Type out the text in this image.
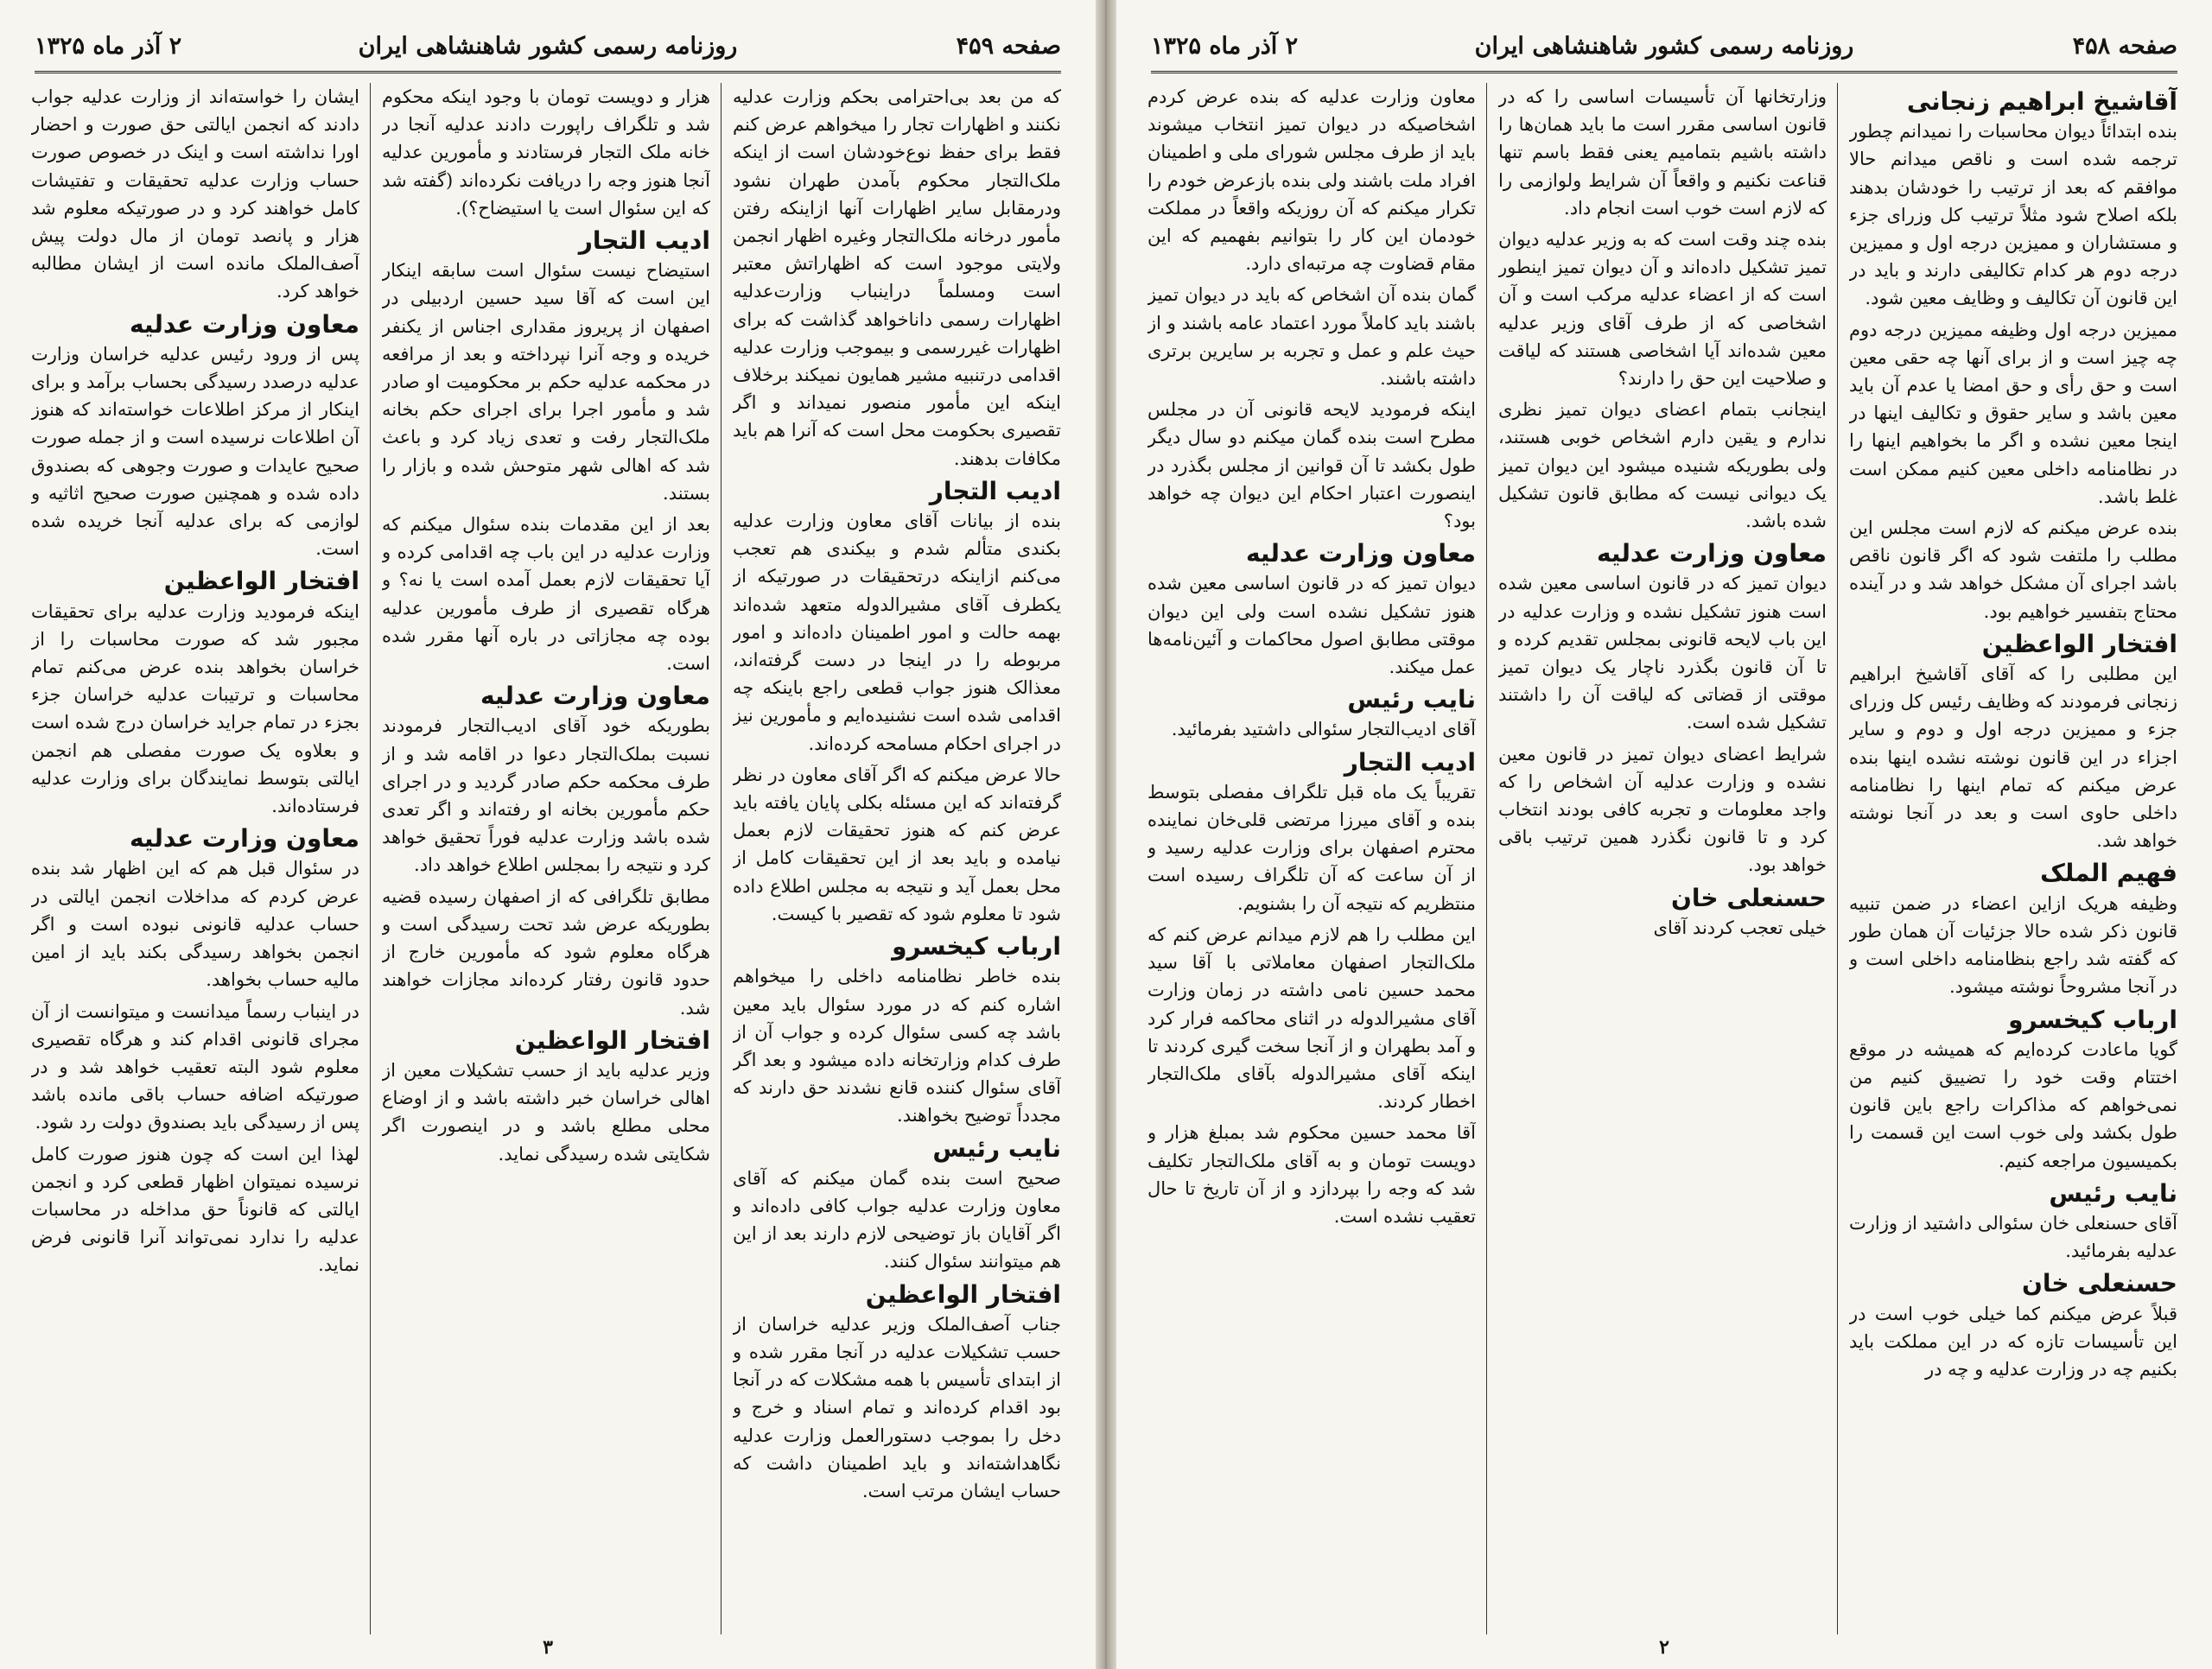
صفحه ۴۵۹
روزنامه رسمی کشور شاهنشاهی ایران
۲ آذر ماه ۱۳۲۵

که من بعد بی‌احترامی بحکم وزارت عدلیه نکنند و اظهارات تجار را میخواهم عرض کنم فقط برای حفظ نوع‌خودشان است از اینکه ملک‌التجار محکوم بآمدن طهران نشود ودرمقابل سایر اظهارات آنها ازاینکه رفتن مأمور درخانه ملک‌التجار وغیره اظهار انجمن ولایتی موجود است که اظهاراتش معتبر است ومسلماً دراینباب وزارت‌عدلیه اظهارات رسمی داناخواهد گذاشت که برای اظهارات غیررسمی و بیموجب وزارت عدلیه اقدامی درتنبیه مشیر همایون نمیکند برخلاف اینکه این مأمور منصور نمیداند و اگر تقصیری بحکومت محل است که آنرا هم باید مکافات بدهند.

ادیب التجار

بنده از بیانات آقای معاون وزارت عدلیه بکندی متألم شدم و بیکندی هم تعجب می‌کنم ازاینکه درتحقیقات در صورتیکه از یکطرف آقای مشیرالدوله متعهد شده‌اند بهمه حالت و امور اطمینان داده‌اند و امور مربوطه را در اینجا در دست گرفته‌اند، معذالک هنوز جواب قطعی راجع باینکه چه اقدامی شده است نشنیده‌ایم و مأمورین نیز در اجرای احکام مسامحه کرده‌اند.

حالا عرض میکنم که اگر آقای معاون در نظر گرفته‌اند که این مسئله بکلی پایان یافته باید عرض کنم که هنوز تحقیقات لازم بعمل نیامده و باید بعد از این تحقیقات کامل از محل بعمل آید و نتیجه به مجلس اطلاع داده شود تا معلوم شود که تقصیر با کیست.

ارباب کیخسرو

بنده خاطر نظامنامه داخلی را میخواهم اشاره کنم که در مورد سئوال باید معین باشد چه کسی سئوال کرده و جواب آن از طرف کدام وزارتخانه داده میشود و بعد اگر آقای سئوال کننده قانع نشدند حق دارند که مجدداً توضیح بخواهند.

نایب رئیس

صحیح است بنده گمان میکنم که آقای معاون وزارت عدلیه جواب کافی داده‌اند و اگر آقایان باز توضیحی لازم دارند بعد از این هم میتوانند سئوال کنند.

افتخار الواعظین

جناب آصف‌الملک وزیر عدلیه خراسان از حسب تشکیلات عدلیه در آنجا مقرر شده و از ابتدای تأسیس با همه مشکلات که در آنجا بود اقدام کرده‌اند و تمام اسناد و خرج و دخل را بموجب دستورالعمل وزارت عدلیه نگاهداشته‌اند و باید اطمینان داشت که حساب ایشان مرتب است.

هزار و دویست تومان با وجود اینکه محکوم شد و تلگراف راپورت دادند عدلیه آنجا در خانه ملک التجار فرستادند و مأمورین عدلیه آنجا هنوز وجه را دریافت نکرده‌اند (گفته شد که این سئوال است یا استیضاح؟).

ادیب التجار

استیضاح نیست سئوال است سابقه اینکار این است که آقا سید حسین اردبیلی در اصفهان از پریروز مقداری اجناس از یکنفر خریده و وجه آنرا نپرداخته و بعد از مرافعه در محکمه عدلیه حکم بر محکومیت او صادر شد و مأمور اجرا برای اجرای حکم بخانه ملک‌التجار رفت و تعدی زیاد کرد و باعث شد که اهالی شهر متوحش شده و بازار را بستند.

بعد از این مقدمات بنده سئوال میکنم که وزارت عدلیه در این باب چه اقدامی کرده و آیا تحقیقات لازم بعمل آمده است یا نه؟ و هرگاه تقصیری از طرف مأمورین عدلیه بوده چه مجازاتی در باره آنها مقرر شده است.

معاون وزارت عدلیه

بطوریکه خود آقای ادیب‌التجار فرمودند نسبت بملک‌التجار دعوا در اقامه شد و از طرف محکمه حکم صادر گردید و در اجرای حکم مأمورین بخانه او رفته‌اند و اگر تعدی شده باشد وزارت عدلیه فوراً تحقیق خواهد کرد و نتیجه را بمجلس اطلاع خواهد داد.

مطابق تلگرافی که از اصفهان رسیده قضیه بطوریکه عرض شد تحت رسیدگی است و هرگاه معلوم شود که مأمورین خارج از حدود قانون رفتار کرده‌اند مجازات خواهند شد.

افتخار الواعظین

وزیر عدلیه باید از حسب تشکیلات معین از اهالی خراسان خبر داشته باشد و از اوضاع محلی مطلع باشد و در اینصورت اگر شکایتی شده رسیدگی نماید.

ایشان را خواسته‌اند از وزارت عدلیه جواب دادند که انجمن ایالتی حق صورت و احضار اورا نداشته است و اینک در خصوص صورت حساب وزارت عدلیه تحقیقات و تفتیشات کامل خواهند کرد و در صورتیکه معلوم شد هزار و پانصد تومان از مال دولت پیش آصف‌الملک مانده است از ایشان مطالبه خواهد کرد.

معاون وزارت عدلیه

پس از ورود رئیس عدلیه خراسان وزارت عدلیه درصدد رسیدگی بحساب برآمد و برای اینکار از مرکز اطلاعات خواسته‌اند که هنوز آن اطلاعات نرسیده است و از جمله صورت صحیح عایدات و صورت وجوهی که بصندوق داده شده و همچنین صورت صحیح اثاثیه و لوازمی که برای عدلیه آنجا خریده شده است.

افتخار الواعظین

اینکه فرمودید وزارت عدلیه برای تحقیقات مجبور شد که صورت محاسبات را از خراسان بخواهد بنده عرض می‌کنم تمام محاسبات و ترتیبات عدلیه خراسان جزء بجزء در تمام جراید خراسان درج شده است و بعلاوه یک صورت مفصلی هم انجمن ایالتی بتوسط نمایندگان برای وزارت عدلیه فرستاده‌اند.

معاون وزارت عدلیه

در سئوال قبل هم که این اظهار شد بنده عرض کردم که مداخلات انجمن ایالتی در حساب عدلیه قانونی نبوده است و اگر انجمن بخواهد رسیدگی بکند باید از امین مالیه حساب بخواهد.

در اینباب رسماً میدانست و میتوانست از آن مجرای قانونی اقدام کند و هرگاه تقصیری معلوم شود البته تعقیب خواهد شد و در صورتیکه اضافه حساب باقی مانده باشد پس از رسیدگی باید بصندوق دولت رد شود.

لهذا این است که چون هنوز صورت کامل نرسیده نمیتوان اظهار قطعی کرد و انجمن ایالتی که قانوناً حق مداخله در محاسبات عدلیه را ندارد نمی‌تواند آنرا قانونی فرض نماید.

۳
صفحه ۴۵۸
روزنامه رسمی کشور شاهنشاهی ایران
۲ آذر ماه ۱۳۲۵
آقاشیخ ابراهیم زنجانی

بنده ابتدائاً دیوان محاسبات را نمیدانم چطور ترجمه شده است و ناقص میدانم حالا موافقم که بعد از ترتیب را خودشان بدهند بلکه اصلاح شود مثلاً ترتیب کل وزرای جزء و مستشاران و ممیزین درجه اول و ممیزین درجه دوم هر کدام تکالیفی دارند و باید در این قانون آن تکالیف و وظایف معین شود.

ممیزین درجه اول وظیفه ممیزین درجه دوم چه چیز است و از برای آنها چه حقی معین است و حق رأی و حق امضا یا عدم آن باید معین باشد و سایر حقوق و تکالیف اینها در اینجا معین نشده و اگر ما بخواهیم اینها را در نظامنامه داخلی معین کنیم ممکن است غلط باشد.

بنده عرض میکنم که لازم است مجلس این مطلب را ملتفت شود که اگر قانون ناقص باشد اجرای آن مشکل خواهد شد و در آینده محتاج بتفسیر خواهیم بود.

افتخار الواعظین

این مطلبی را که آقای آقاشیخ ابراهیم زنجانی فرمودند که وظایف رئیس کل وزرای جزء و ممیزین درجه اول و دوم و سایر اجزاء در این قانون نوشته نشده اینها بنده عرض میکنم که تمام اینها را نظامنامه داخلی حاوی است و بعد در آنجا نوشته خواهد شد.

فهیم الملک

وظیفه هریک ازاین اعضاء در ضمن تنبیه قانون ذکر شده حالا جزئیات آن همان طور که گفته شد راجع بنظامنامه داخلی است و در آنجا مشروحاً نوشته میشود.

ارباب کیخسرو

گویا ماعادت کرده‌ایم که همیشه در موقع اختتام وقت خود را تضییق کنیم من نمی‌خواهم که مذاکرات راجع باین قانون طول بکشد ولی خوب است این قسمت را بکمیسیون مراجعه کنیم.

نایب رئیس

آقای حسنعلی خان سئوالی داشتید از وزارت عدلیه بفرمائید.

حسنعلی خان

قبلاً عرض میکنم کما خیلی خوب است در این تأسیسات تازه که در این مملکت باید بکنیم چه در وزارت عدلیه و چه در

وزارتخانها آن تأسیسات اساسی را که در قانون اساسی مقرر است ما باید همان‌ها را داشته باشیم بتمامیم یعنی فقط باسم تنها قناعت نکنیم و واقعاً آن شرایط ولوازمی را که لازم است خوب است انجام داد.

بنده چند وقت است که به وزیر عدلیه دیوان تمیز تشکیل داده‌اند و آن دیوان تمیز اینطور است که از اعضاء عدلیه مرکب است و آن اشخاصی که از طرف آقای وزیر عدلیه معین شده‌اند آیا اشخاصی هستند که لیاقت و صلاحیت این حق را دارند؟

اینجانب بتمام اعضای دیوان تمیز نظری ندارم و یقین دارم اشخاص خوبی هستند، ولی بطوریکه شنیده میشود این دیوان تمیز یک دیوانی نیست که مطابق قانون تشکیل شده باشد.

معاون وزارت عدلیه

دیوان تمیز که در قانون اساسی معین شده است هنوز تشکیل نشده و وزارت عدلیه در این باب لایحه قانونی بمجلس تقدیم کرده و تا آن قانون بگذرد ناچار یک دیوان تمیز موقتی از قضاتی که لیاقت آن را داشتند تشکیل شده است.

شرایط اعضای دیوان تمیز در قانون معین نشده و وزارت عدلیه آن اشخاص را که واجد معلومات و تجربه کافی بودند انتخاب کرد و تا قانون نگذرد همین ترتیب باقی خواهد بود.

حسنعلی خان

خیلی تعجب کردند آقای

معاون وزارت عدلیه که بنده عرض کردم اشخاصیکه در دیوان تمیز انتخاب میشوند باید از طرف مجلس شورای ملی و اطمینان افراد ملت باشند ولی بنده بازعرض خودم را تکرار میکنم که آن روزیکه واقعاً در مملکت خودمان این کار را بتوانیم بفهمیم که این مقام قضاوت چه مرتبه‌ای دارد.

گمان بنده آن اشخاص که باید در دیوان تمیز باشند باید کاملاً مورد اعتماد عامه باشند و از حیث علم و عمل و تجربه بر سایرین برتری داشته باشند.

اینکه فرمودید لایحه قانونی آن در مجلس مطرح است بنده گمان میکنم دو سال دیگر طول بکشد تا آن قوانین از مجلس بگذرد در اینصورت اعتبار احکام این دیوان چه خواهد بود؟

معاون وزارت عدلیه

دیوان تمیز که در قانون اساسی معین شده هنوز تشکیل نشده است ولی این دیوان موقتی مطابق اصول محاکمات و آئین‌نامه‌ها عمل میکند.

نایب رئیس

آقای ادیب‌التجار سئوالی داشتید بفرمائید.

ادیب التجار

تقریباً یک ماه قبل تلگراف مفصلی بتوسط بنده و آقای میرزا مرتضی قلی‌خان نماینده محترم اصفهان برای وزارت عدلیه رسید و از آن ساعت که آن تلگراف رسیده است منتظریم که نتیجه آن را بشنویم.

این مطلب را هم لازم میدانم عرض کنم که ملک‌التجار اصفهان معاملاتی با آقا سید محمد حسین نامی داشته در زمان وزارت آقای مشیرالدوله در اثنای محاکمه فرار کرد و آمد بطهران و از آنجا سخت گیری کردند تا اینکه آقای مشیرالدوله بآقای ملک‌التجار اخطار کردند.

آقا محمد حسین محکوم شد بمبلغ هزار و دویست تومان و به آقای ملک‌التجار تکلیف شد که وجه را بپردازد و از آن تاریخ تا حال تعقیب نشده است.

۲
